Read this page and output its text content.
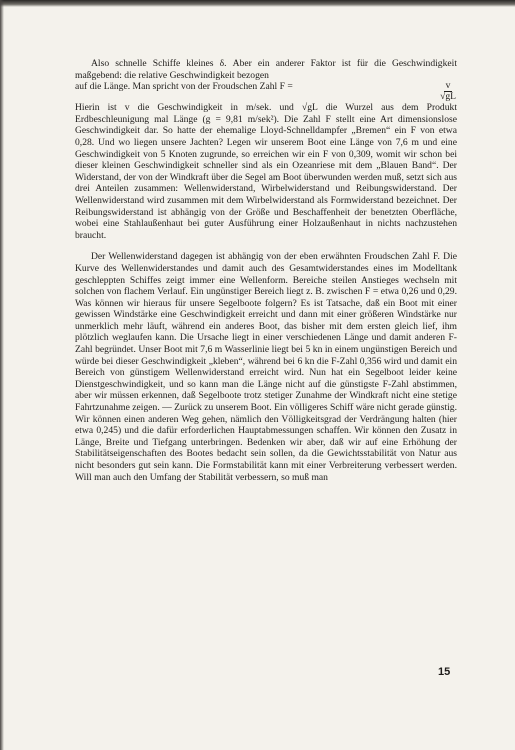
Also schnelle Schiffe kleines δ. Aber ein anderer Faktor ist für die Geschwindigkeit maßgebend: die relative Geschwindigkeit bezogen

auf die Länge. Man spricht von der Froudschen Zahl F =	$\frac{v}{√gL}$

Hierin ist v die Geschwindigkeit in m/sek. und √gL die Wurzel aus dem Produkt Erdbeschleunigung mal Länge (g = 9,81 m/sek²). Die Zahl F stellt eine Art dimensionslose Geschwindigkeit dar. So hatte der ehemalige Lloyd-Schnelldampfer „Bremen“ ein F von etwa 0,28. Und wo liegen unsere Jachten? Legen wir unserem Boot eine Länge von 7,6 m und eine Geschwindigkeit von 5 Knoten zugrunde, so erreichen wir ein F von 0,309, womit wir schon bei dieser kleinen Geschwindigkeit schneller sind als ein Ozeanriese mit dem „Blauen Band“. Der Widerstand, der von der Windkraft über die Segel am Boot überwunden werden muß, setzt sich aus drei Anteilen zusammen: Wellenwiderstand, Wirbelwiderstand und Reibungswiderstand. Der Wellenwiderstand wird zusammen mit dem Wirbelwiderstand als Formwiderstand bezeichnet. Der Reibungswiderstand ist abhängig von der Größe und Beschaffenheit der benetzten Oberfläche, wobei eine Stahlaußenhaut bei guter Ausführung einer Holzaußenhaut in nichts nachzustehen braucht.

Der Wellenwiderstand dagegen ist abhängig von der eben erwähnten Froudschen Zahl F. Die Kurve des Wellenwiderstandes und damit auch des Gesamtwiderstandes eines im Modelltank geschleppten Schiffes zeigt immer eine Wellenform. Bereiche steilen Anstieges wechseln mit solchen von flachem Verlauf. Ein ungünstiger Bereich liegt z. B. zwischen F = etwa 0,26 und 0,29. Was können wir hieraus für unsere Segelboote folgern? Es ist Tatsache, daß ein Boot mit einer gewissen Windstärke eine Geschwindigkeit erreicht und dann mit einer größeren Windstärke nur unmerklich mehr läuft, während ein anderes Boot, das bisher mit dem ersten gleich lief, ihm plötzlich weglaufen kann. Die Ursache liegt in einer verschiedenen Länge und damit anderen F-Zahl begründet. Unser Boot mit 7,6 m Wasserlinie liegt bei 5 kn in einem ungünstigen Bereich und würde bei dieser Geschwindigkeit „kleben“, während bei 6 kn die F-Zahl 0,356 wird und damit ein Bereich von günstigem Wellenwiderstand erreicht wird. Nun hat ein Segelboot leider keine Dienstgeschwindigkeit, und so kann man die Länge nicht auf die günstigste F-Zahl abstimmen, aber wir müssen erkennen, daß Segelboote trotz stetiger Zunahme der Windkraft nicht eine stetige Fahrtzunahme zeigen. — Zurück zu unserem Boot. Ein völligeres Schiff wäre nicht gerade günstig. Wir können einen anderen Weg gehen, nämlich den Völligkeitsgrad der Verdrängung halten (hier etwa 0,245) und die dafür erforderlichen Hauptabmessungen schaffen. Wir können den Zusatz in Länge, Breite und Tiefgang unterbringen. Bedenken wir aber, daß wir auf eine Erhöhung der Stabilitätseigenschaften des Bootes bedacht sein sollen, da die Gewichtsstabilität von Natur aus nicht besonders gut sein kann. Die Formstabilität kann mit einer Verbreiterung verbessert werden. Will man auch den Umfang der Stabilität verbessern, so muß man

15
